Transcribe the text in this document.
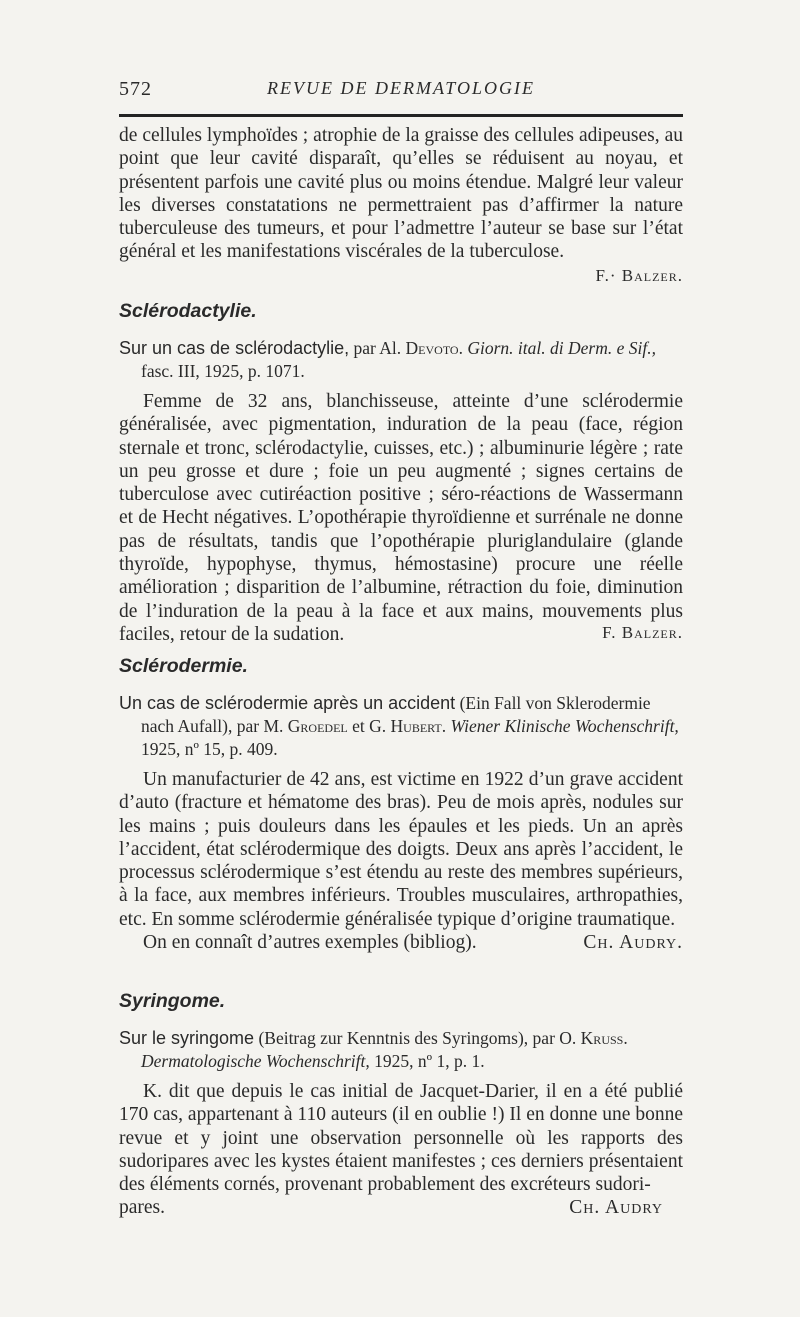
572	REVUE DE DERMATOLOGIE

de cellules lymphoïdes ; atrophie de la graisse des cellules adipeuses, au point que leur cavité disparaît, qu’elles se réduisent au noyau, et présentent parfois une cavité plus ou moins étendue. Malgré leur valeur les diverses constatations ne permettraient pas d’affirmer la nature tuberculeuse des tumeurs, et pour l’admettre l’auteur se base sur l’état général et les manifestations viscérales de la tuberculose.

F.· Balzer.
Sclérodactylie.

Sur un cas de sclérodactylie, par Al. Devoto. Giorn. ital. di Derm. e Sif., fasc. III, 1925, p. 1071.

Femme de 32 ans, blanchisseuse, atteinte d’une sclérodermie généralisée, avec pigmentation, induration de la peau (face, région sternale et tronc, sclérodactylie, cuisses, etc.) ; albuminurie légère ; rate un peu grosse et dure ; foie un peu augmenté ; signes certains de tuberculose avec cutiréaction positive ; séro-réactions de Wassermann et de Hecht négatives. L’opothérapie thyroïdienne et surrénale ne donne pas de résultats, tandis que l’opothérapie pluriglandulaire (glande thyroïde, hypophyse, thymus, hémostasine) procure une réelle amélioration ; disparition de l’albumine, rétraction du foie, diminution de l’induration de la peau à la face et aux mains, mouvements plus faciles, retour de la sudation.	F. Balzer.
Sclérodermie.

Un cas de sclérodermie après un accident (Ein Fall von Sklerodermie nach Aufall), par M. Groedel et G. Hubert. Wiener Klinische Wochenschrift, 1925, nº 15, p. 409.

Un manufacturier de 42 ans, est victime en 1922 d’un grave accident d’auto (fracture et hématome des bras). Peu de mois après, nodules sur les mains ; puis douleurs dans les épaules et les pieds. Un an après l’accident, état sclérodermique des doigts. Deux ans après l’accident, le processus sclérodermique s’est étendu au reste des membres supérieurs, à la face, aux membres inférieurs. Troubles musculaires, arthropathies, etc. En somme sclérodermie généralisée typique d’origine traumatique.

On en connaît d’autres exemples (bibliog).	Ch. Audry.
Syringome.

Sur le syringome (Beitrag zur Kenntnis des Syringoms), par O. Kruss. Dermatologische Wochenschrift, 1925, nº 1, p. 1.

K. dit que depuis le cas initial de Jacquet-Darier, il en a été publié 170 cas, appartenant à 110 auteurs (il en oublie !) Il en donne une bonne revue et y joint une observation personnelle où les rapports des sudoripares avec les kystes étaient manifestes ; ces derniers présentaient des éléments cornés, provenant probablement des excréteurs sudori-

pares.	Ch. Audry
